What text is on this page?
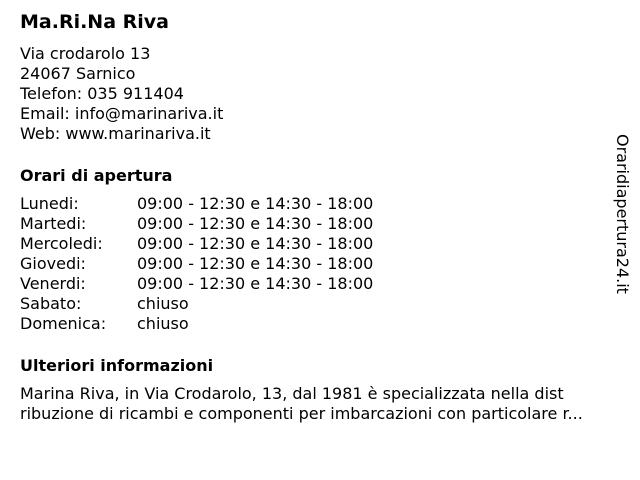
Ma.Ri.Na Riva
Via crodarolo 13
24067 Sarnico
Telefon: 035 911404
Email: info@marinariva.it
Web: www.marinariva.it
Orari di apertura
Lunedi:	09:00 - 12:30 e 14:30 - 18:00
Martedi:	09:00 - 12:30 e 14:30 - 18:00
Mercoledi:	09:00 - 12:30 e 14:30 - 18:00
Giovedi:	09:00 - 12:30 e 14:30 - 18:00
Venerdi:	09:00 - 12:30 e 14:30 - 18:00
Sabato:	chiuso
Domenica:	chiuso
Ulteriori informazioni
Marina Riva, in Via Crodarolo, 13, dal 1981 è specializzata nella dist
ribuzione di ricambi e componenti per imbarcazioni con particolare r...
Oraridiapertura24.it
